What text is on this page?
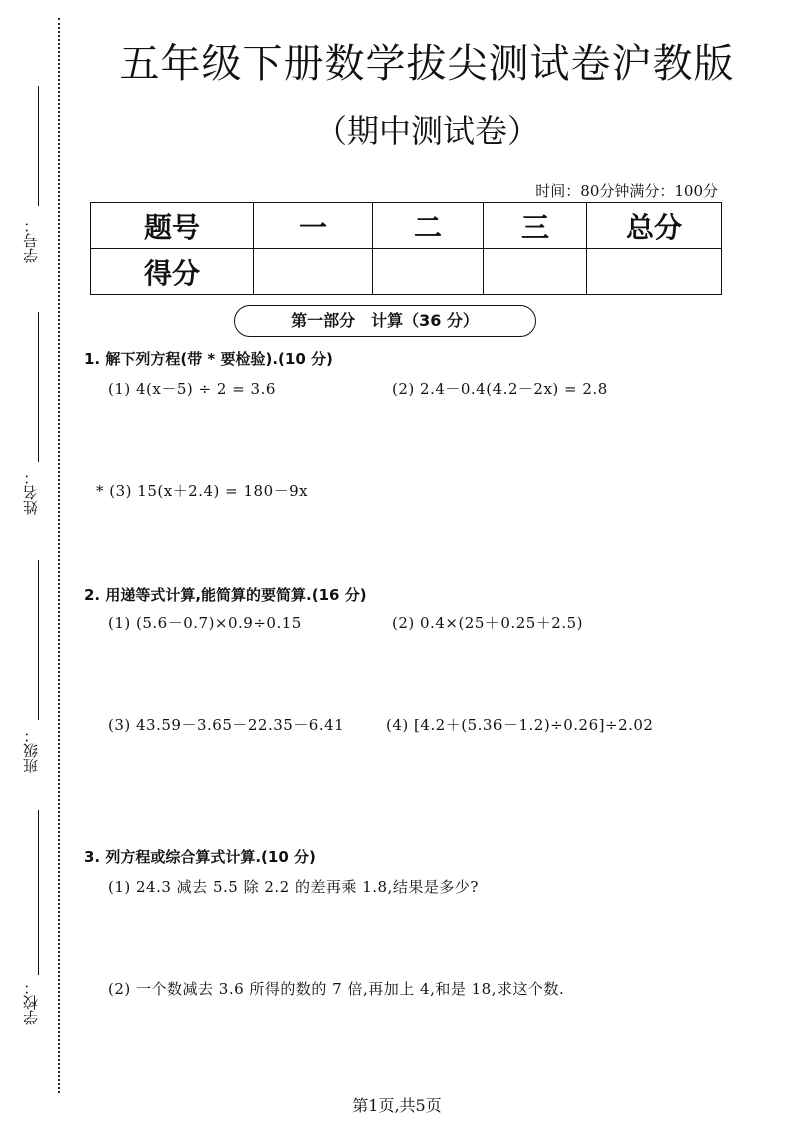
学号：
姓名：
班级：
学校：
五年级下册数学拔尖测试卷沪教版
（期中测试卷）
时间：80分钟满分：100分
题号	一	二	三	总分
得分				
第一部分　计算（36 分）
1. 解下列方程(带 * 要检验).(10 分)
(1) 4(x－5) ÷ 2 = 3.6	(2) 2.4－0.4(4.2－2x) = 2.8
* (3) 15(x＋2.4) = 180－9x
2. 用递等式计算,能简算的要简算.(16 分)
(1) (5.6－0.7)×0.9÷0.15	(2) 0.4×(25＋0.25＋2.5)
(3) 43.59－3.65－22.35－6.41	(4) [4.2＋(5.36－1.2)÷0.26]÷2.02
3. 列方程或综合算式计算.(10 分)
(1) 24.3 减去 5.5 除 2.2 的差再乘 1.8,结果是多少?
(2) 一个数减去 3.6 所得的数的 7 倍,再加上 4,和是 18,求这个数.
第1页,共5页
